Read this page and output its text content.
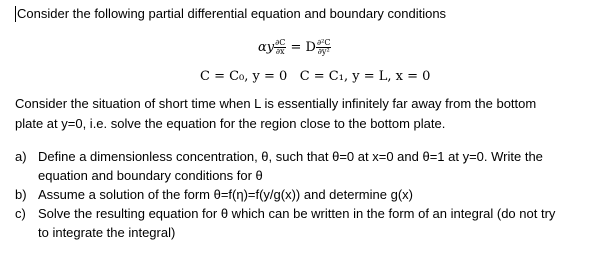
Consider the following partial differential equation and boundary conditions
αy $\frac{\partial C}{\partial x} = D \frac{\text{∂²C}}{\text{∂y²}}$
C = C₀, y = 0   C = C₁, y = L, x = 0
Consider the situation of short time when L is essentially infinitely far away from the bottom
plate at y=0, i.e. solve the equation for the region close to the bottom plate.
a) Define a dimensionless concentration, θ, such that θ=0 at x=0 and θ=1 at y=0. Write the
equation and boundary conditions for θ
b) Assume a solution of the form θ=f(η)=f(y/g(x)) and determine g(x)
c) Solve the resulting equation for θ which can be written in the form of an integral (do not try
to integrate the integral)
